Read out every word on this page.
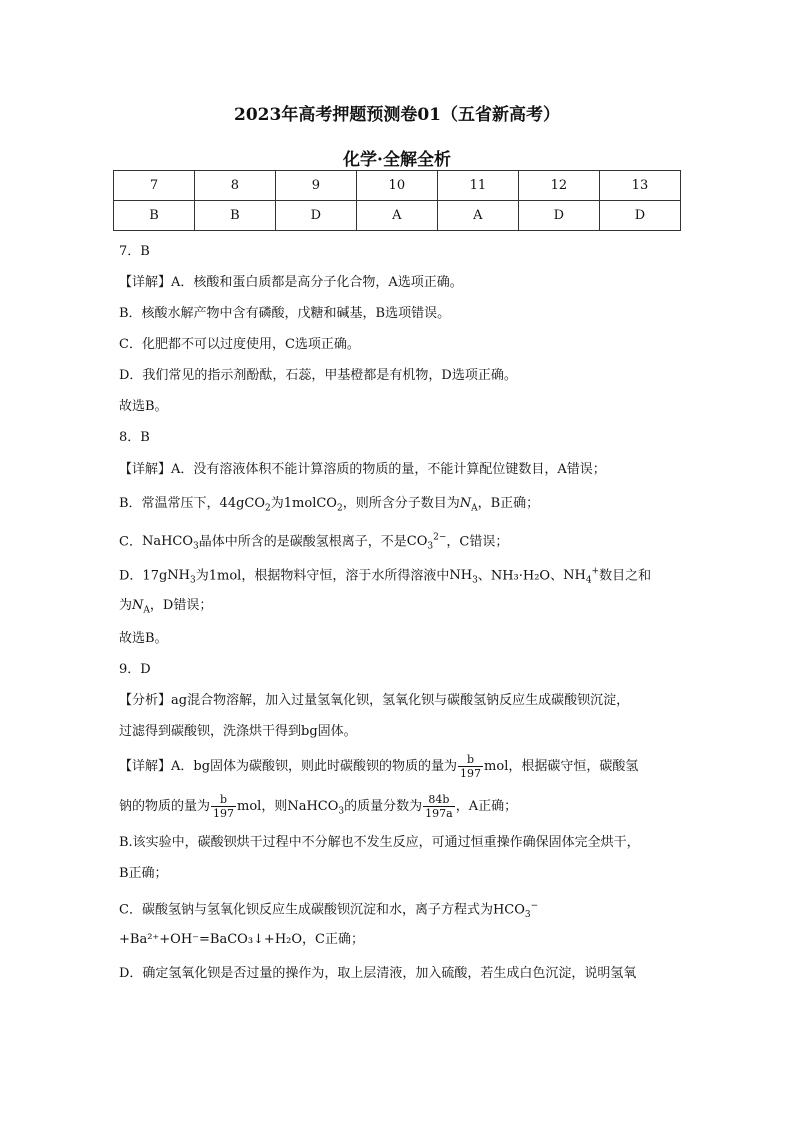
2023年高考押题预测卷01（五省新高考）
化学·全解全析
7	8	9	10	11	12	13
B	B	D	A	A	D	D
7．B
【详解】A．核酸和蛋白质都是高分子化合物，A选项正确。
B．核酸水解产物中含有磷酸，戊糖和碱基，B选项错误。
C．化肥都不可以过度使用，C选项正确。
D．我们常见的指示剂酚酞，石蕊，甲基橙都是有机物，D选项正确。
故选B。
8．B
【详解】A．没有溶液体积不能计算溶质的物质的量，不能计算配位键数目，A错误；
B．常温常压下，44gCO$_2$为1molCO$_2$，则所含分子数目为$N_A$，B正确；
C．NaHCO$_3$晶体中所含的是碳酸氢根离子，不是$CO_3^{2-}$，C错误；
D．17gNH$_3$为1mol，根据物料守恒，溶于水所得溶液中$NH_3$、NH₃·H₂O、$NH_4^+$数目之和
为$N_A$，D错误；
故选B。
9．D
【分析】ag混合物溶解，加入过量氢氧化钡，氢氧化钡与碳酸氢钠反应生成碳酸钡沉淀，
过滤得到碳酸钡，洗涤烘干得到bg固体。
【详解】A．bg固体为碳酸钡，则此时碳酸钡的物质的量为 $\frac{b}{197}$ mol，根据碳守恒，碳酸氢
钠的物质的量为 $\frac{b}{197}$ mol，则NaHCO$_3$的质量分数为 $\frac{84b}{197a}$ ，A正确；
B.该实验中，碳酸钡烘干过程中不分解也不发生反应，可通过恒重操作确保固体完全烘干，
B正确；
C．碳酸氢钠与氢氧化钡反应生成碳酸钡沉淀和水，离子方程式为$HCO_3^-$
+Ba²⁺+OH⁻=BaCO₃↓+H₂O，C正确；
D．确定氢氧化钡是否过量的操作为，取上层清液，加入硫酸，若生成白色沉淀，说明氢氧
